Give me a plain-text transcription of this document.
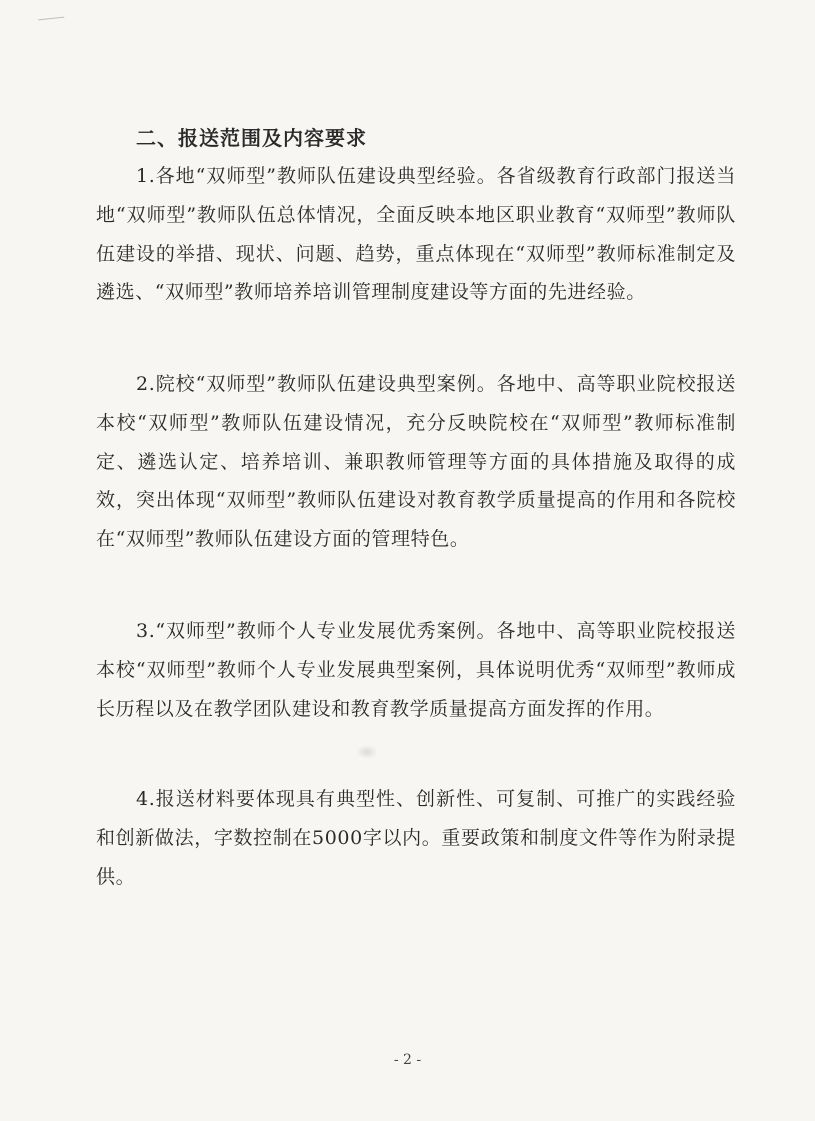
二、报送范围及内容要求

1.各地“双师型”教师队伍建设典型经验。各省级教育行政部门报送当地“双师型”教师队伍总体情况，全面反映本地区职业教育“双师型”教师队伍建设的举措、现状、问题、趋势，重点体现在“双师型”教师标准制定及遴选、“双师型”教师培养培训管理制度建设等方面的先进经验。

2.院校“双师型”教师队伍建设典型案例。各地中、高等职业院校报送本校“双师型”教师队伍建设情况，充分反映院校在“双师型”教师标准制定、遴选认定、培养培训、兼职教师管理等方面的具体措施及取得的成效，突出体现“双师型”教师队伍建设对教育教学质量提高的作用和各院校在“双师型”教师队伍建设方面的管理特色。

3.“双师型”教师个人专业发展优秀案例。各地中、高等职业院校报送本校“双师型”教师个人专业发展典型案例，具体说明优秀“双师型”教师成长历程以及在教学团队建设和教育教学质量提高方面发挥的作用。

4.报送材料要体现具有典型性、创新性、可复制、可推广的实践经验和创新做法，字数控制在5000字以内。重要政策和制度文件等作为附录提供。

- 2 -
